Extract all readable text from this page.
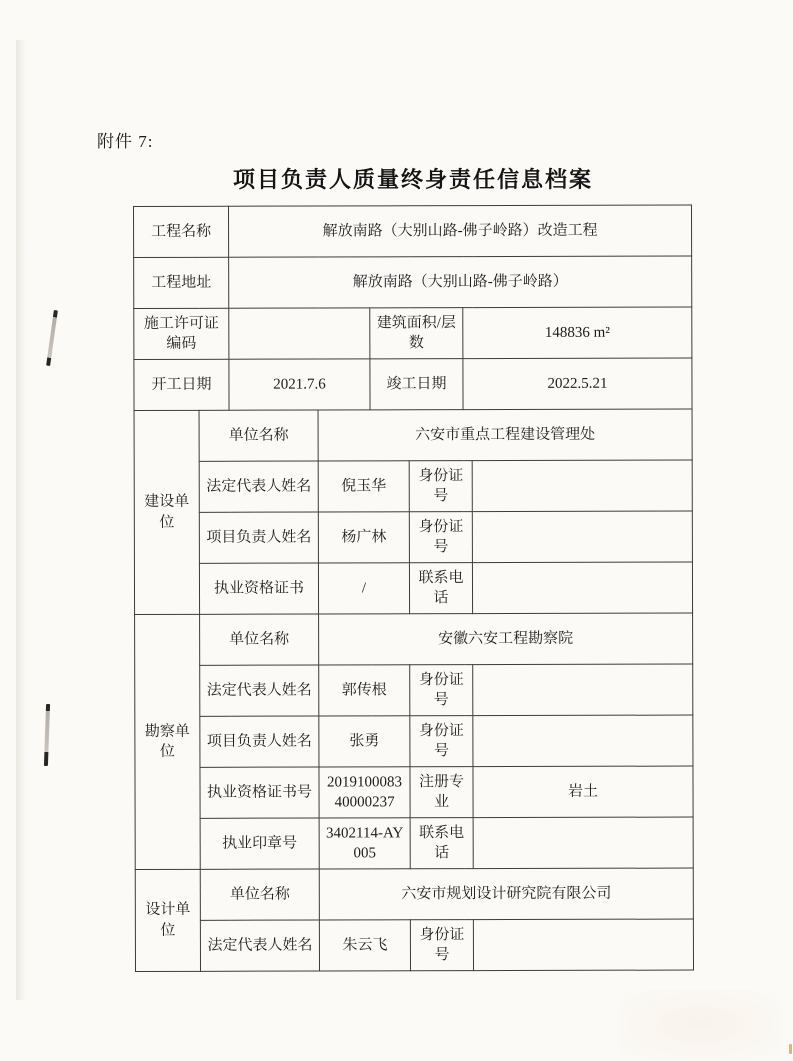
附件 7:
项目负责人质量终身责任信息档案
工程名称		解放南路（大别山路-佛子岭路）改造工程					
工程地址		解放南路（大别山路-佛子岭路）					
施工许可证编码				建筑面积/层数		148836 m²	
开工日期		2021.7.6		竣工日期		2022.5.21	
建设单位	单位名称		六安市重点工程建设管理处				
	法定代表人姓名		倪玉华		身份证号		
	项目负责人姓名		杨广林		身份证号		
	执业资格证书		/		联系电话		
勘察单位	单位名称		安徽六安工程勘察院				
	法定代表人姓名		郭传根		身份证号		
	项目负责人姓名		张勇		身份证号		
	执业资格证书号		201910008340000237		注册专业		岩土
	执业印章号		3402114-AY005		联系电话		
设计单位	单位名称		六安市规划设计研究院有限公司				
	法定代表人姓名		朱云飞		身份证号		
